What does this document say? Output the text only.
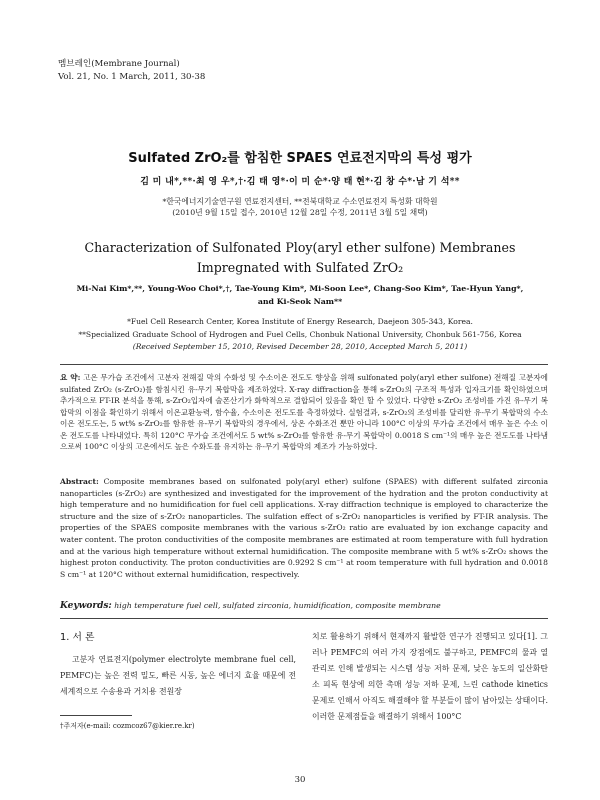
멤브레인(Membrane Journal)
Vol. 21, No. 1 March, 2011, 30-38
Sulfated ZrO₂를 함침한 SPAES 연료전지막의 특성 평가
김 미 내*,**·최 영 우*,†·김 태 영*·이 미 순*·양 태 현*·김 창 수*·남 기 석**
*한국에너지기술연구원 연료전지센터, **전북대학교 수소연료전지 특성화 대학원
(2010년 9월 15일 접수, 2010년 12월 28일 수정, 2011년 3월 5일 채택)
Characterization of Sulfonated Ploy(aryl ether sulfone) Membranes Impregnated with Sulfated ZrO₂
Mi-Nai Kim*,**, Young-Woo Choi*,†, Tae-Young Kim*, Mi-Soon Lee*, Chang-Soo Kim*, Tae-Hyun Yang*,
and Ki-Seok Nam**
*Fuel Cell Research Center, Korea Institute of Energy Research, Daejeon 305-343, Korea.
**Specialized Graduate School of Hydrogen and Fuel Cells, Chonbuk National University, Chonbuk 561-756, Korea
(Received September 15, 2010, Revised December 28, 2010, Accepted March 5, 2011)
요 약: 고온 무가습 조건에서 고분자 전해질 막의 수화성 및 수소이온 전도도 향상을 위해 sulfonated poly(aryl ether sulfone) 전해질 고분자에 sulfated ZrO₂ (s-ZrO₂)를 함침시킨 유-무기 복합막을 제조하였다. X-ray diffraction을 통해 s-ZrO₂의 구조적 특성과 입자크기를 확인하였으며 추가적으로 FT-IR 분석을 통해, s-ZrO₂입자에 술폰산기가 화학적으로 결합되어 있음을 확인 할 수 있었다. 다양한 s-ZrO₂ 조성비를 가진 유-무기 복합막의 이점을 확인하기 위해서 이온교환능력, 함수율, 수소이온 전도도를 측정하였다. 실험결과, s-ZrO₂의 조성비를 달리한 유-무기 복합막의 수소이온 전도도는, 5 wt% s-ZrO₂를 함유한 유-무기 복합막의 경우에서, 상온 수화조건 뿐만 아니라 100°C 이상의 무가습 조건에서 매우 높은 수소 이온 전도도를 나타내었다. 특히 120°C 무가습 조건에서도 5 wt% s-ZrO₂를 함유한 유-무기 복합막이 0.0018 S cm⁻¹의 매우 높은 전도도를 나타냄으로써 100°C 이상의 고온에서도 높은 수화도를 유지하는 유-무기 복합막의 제조가 가능하였다.
Abstract: Composite membranes based on sulfonated poly(aryl ether) sulfone (SPAES) with different sulfated zirconia nanoparticles (s-ZrO₂) are synthesized and investigated for the improvement of the hydration and the proton conductivity at high temperature and no humidification for fuel cell applications. X-ray diffraction technique is employed to characterize the structure and the size of s-ZrO₂ nanoparticles. The sulfation effect of s-ZrO₂ nanoparticles is verified by FT-IR analysis. The properties of the SPAES composite membranes with the various s-ZrO₂ ratio are evaluated by ion exchange capacity and water content. The proton conductivities of the composite membranes are estimated at room temperature with full hydration and at the various high temperature without external humidification. The composite membrane with 5 wt% s-ZrO₂ shows the highest proton conductivity. The proton conductivities are 0.9292 S cm⁻¹ at room temperature with full hydration and 0.0018 S cm⁻¹ at 120°C without external humidification, respectively.
Keywords: high temperature fuel cell, sulfated zirconia, humidification, composite membrane
1. 서 론
고분자 연료전지(polymer electrolyte membrane fuel cell, PEMFC)는 높은 전력 밀도, 빠른 시동, 높은 에너지 효율 때문에 전 세계적으로 수송용과 거치용 전원장
치로 활용하기 위해서 현재까지 활발한 연구가 진행되고 있다[1]. 그러나 PEMFC의 여러 가지 장점에도 불구하고, PEMFC의 물과 열관리로 인해 발생되는 시스템 성능 저하 문제, 낮은 농도의 일산화탄소 피독 현상에 의한 촉매 성능 저하 문제, 느린 cathode kinetics 문제로 인해서 아직도 해결해야 할 부분들이 많이 남아있는 상태이다. 이러한 문제점들을 해결하기 위해서 100°C
†주저자(e-mail: cozmcoz67@kier.re.kr)
30
